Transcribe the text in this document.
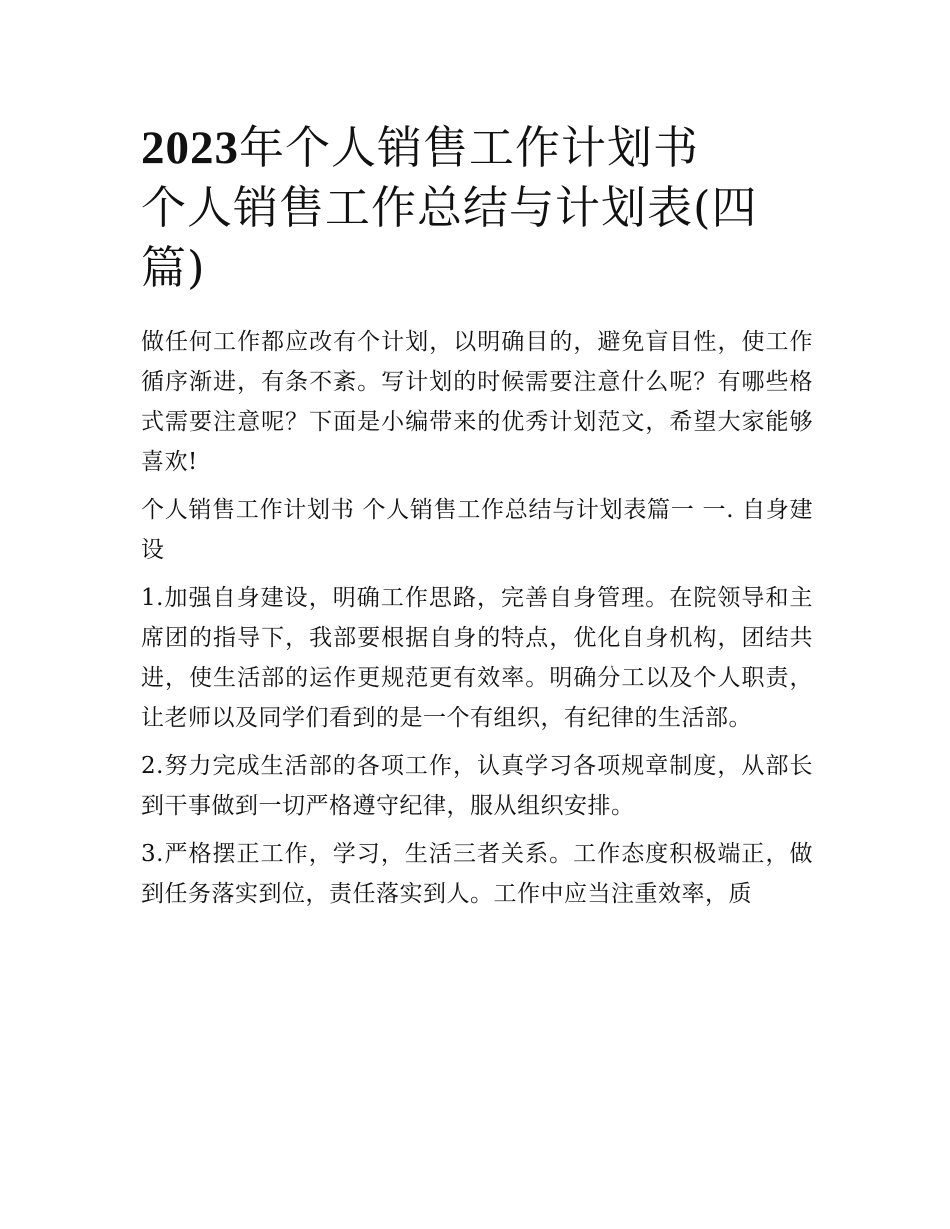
2023年个人销售工作计划书
个人销售工作总结与计划表(四
篇)

做任何工作都应改有个计划，以明确目的，避免盲目性，使工作循序渐进，有条不紊。写计划的时候需要注意什么呢？有哪些格式需要注意呢？下面是小编带来的优秀计划范文，希望大家能够喜欢!

个人销售工作计划书 个人销售工作总结与计划表篇一 一. 自身建设

1.加强自身建设，明确工作思路，完善自身管理。在院领导和主席团的指导下，我部要根据自身的特点，优化自身机构，团结共进，使生活部的运作更规范更有效率。明确分工以及个人职责，让老师以及同学们看到的是一个有组织，有纪律的生活部。

2.努力完成生活部的各项工作，认真学习各项规章制度，从部长到干事做到一切严格遵守纪律，服从组织安排。

3.严格摆正工作，学习，生活三者关系。工作态度积极端正，做到任务落实到位，责任落实到人。工作中应当注重效率，质
